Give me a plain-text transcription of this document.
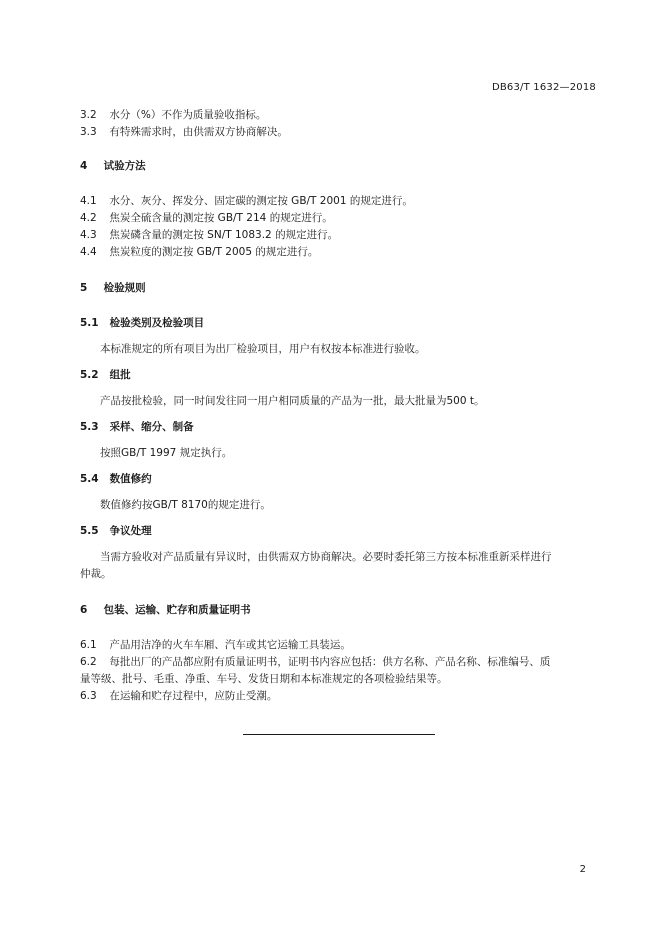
DB63/T 1632—2018
3.2 水分（%）不作为质量验收指标。
3.3 有特殊需求时，由供需双方协商解决。
4 试验方法
4.1 水分、灰分、挥发分、固定碳的测定按 GB/T 2001 的规定进行。
4.2 焦炭全硫含量的测定按 GB/T 214 的规定进行。
4.3 焦炭磷含量的测定按 SN/T 1083.2 的规定进行。
4.4 焦炭粒度的测定按 GB/T 2005 的规定进行。
5 检验规则
5.1 检验类别及检验项目
本标准规定的所有项目为出厂检验项目，用户有权按本标准进行验收。
5.2 组批
产品按批检验，同一时间发往同一用户相同质量的产品为一批，最大批量为500 t。
5.3 采样、缩分、制备
按照GB/T 1997 规定执行。
5.4 数值修约
数值修约按GB/T 8170的规定进行。
5.5 争议处理
当需方验收对产品质量有异议时，由供需双方协商解决。必要时委托第三方按本标准重新采样进行
仲裁。
6 包装、运输、贮存和质量证明书
6.1 产品用洁净的火车车厢、汽车或其它运输工具装运。
6.2 每批出厂的产品都应附有质量证明书，证明书内容应包括：供方名称、产品名称、标准编号、质
量等级、批号、毛重、净重、车号、发货日期和本标准规定的各项检验结果等。
6.3 在运输和贮存过程中，应防止受潮。
2
